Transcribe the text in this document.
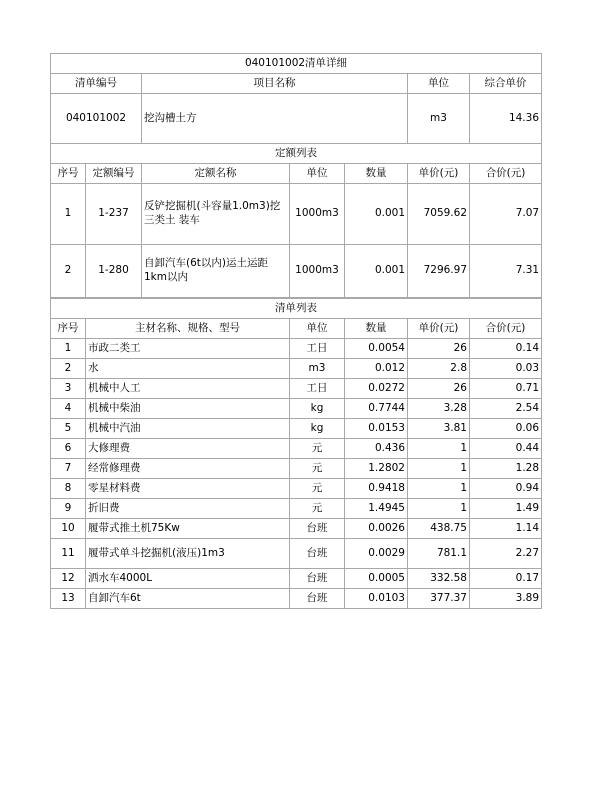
040101002清单详细			
清单编号	项目名称	单位	综合单价
040101002	挖沟槽土方	m3	14.36
定额列表						
序号	定额编号	定额名称	单位	数量	单价(元)	合价(元)
1	1-237	反铲挖掘机(斗容量1.0m3)挖三类土 装车	1000m3	0.001	7059.62	7.07
2	1-280	自卸汽车(6t以内)运土运距1km以内	1000m3	0.001	7296.97	7.31
清单列表					
序号	主材名称、规格、型号	单位	数量	单价(元)	合价(元)
1	市政二类工	工日	0.0054	26	0.14
2	水	m3	0.012	2.8	0.03
3	机械中人工	工日	0.0272	26	0.71
4	机械中柴油	kg	0.7744	3.28	2.54
5	机械中汽油	kg	0.0153	3.81	0.06
6	大修理费	元	0.436	1	0.44
7	经常修理费	元	1.2802	1	1.28
8	零星材料费	元	0.9418	1	0.94
9	折旧费	元	1.4945	1	1.49
10	履带式推土机75Kw	台班	0.0026	438.75	1.14
11	履带式单斗挖掘机(液压)1m3	台班	0.0029	781.1	2.27
12	洒水车4000L	台班	0.0005	332.58	0.17
13	自卸汽车6t	台班	0.0103	377.37	3.89
